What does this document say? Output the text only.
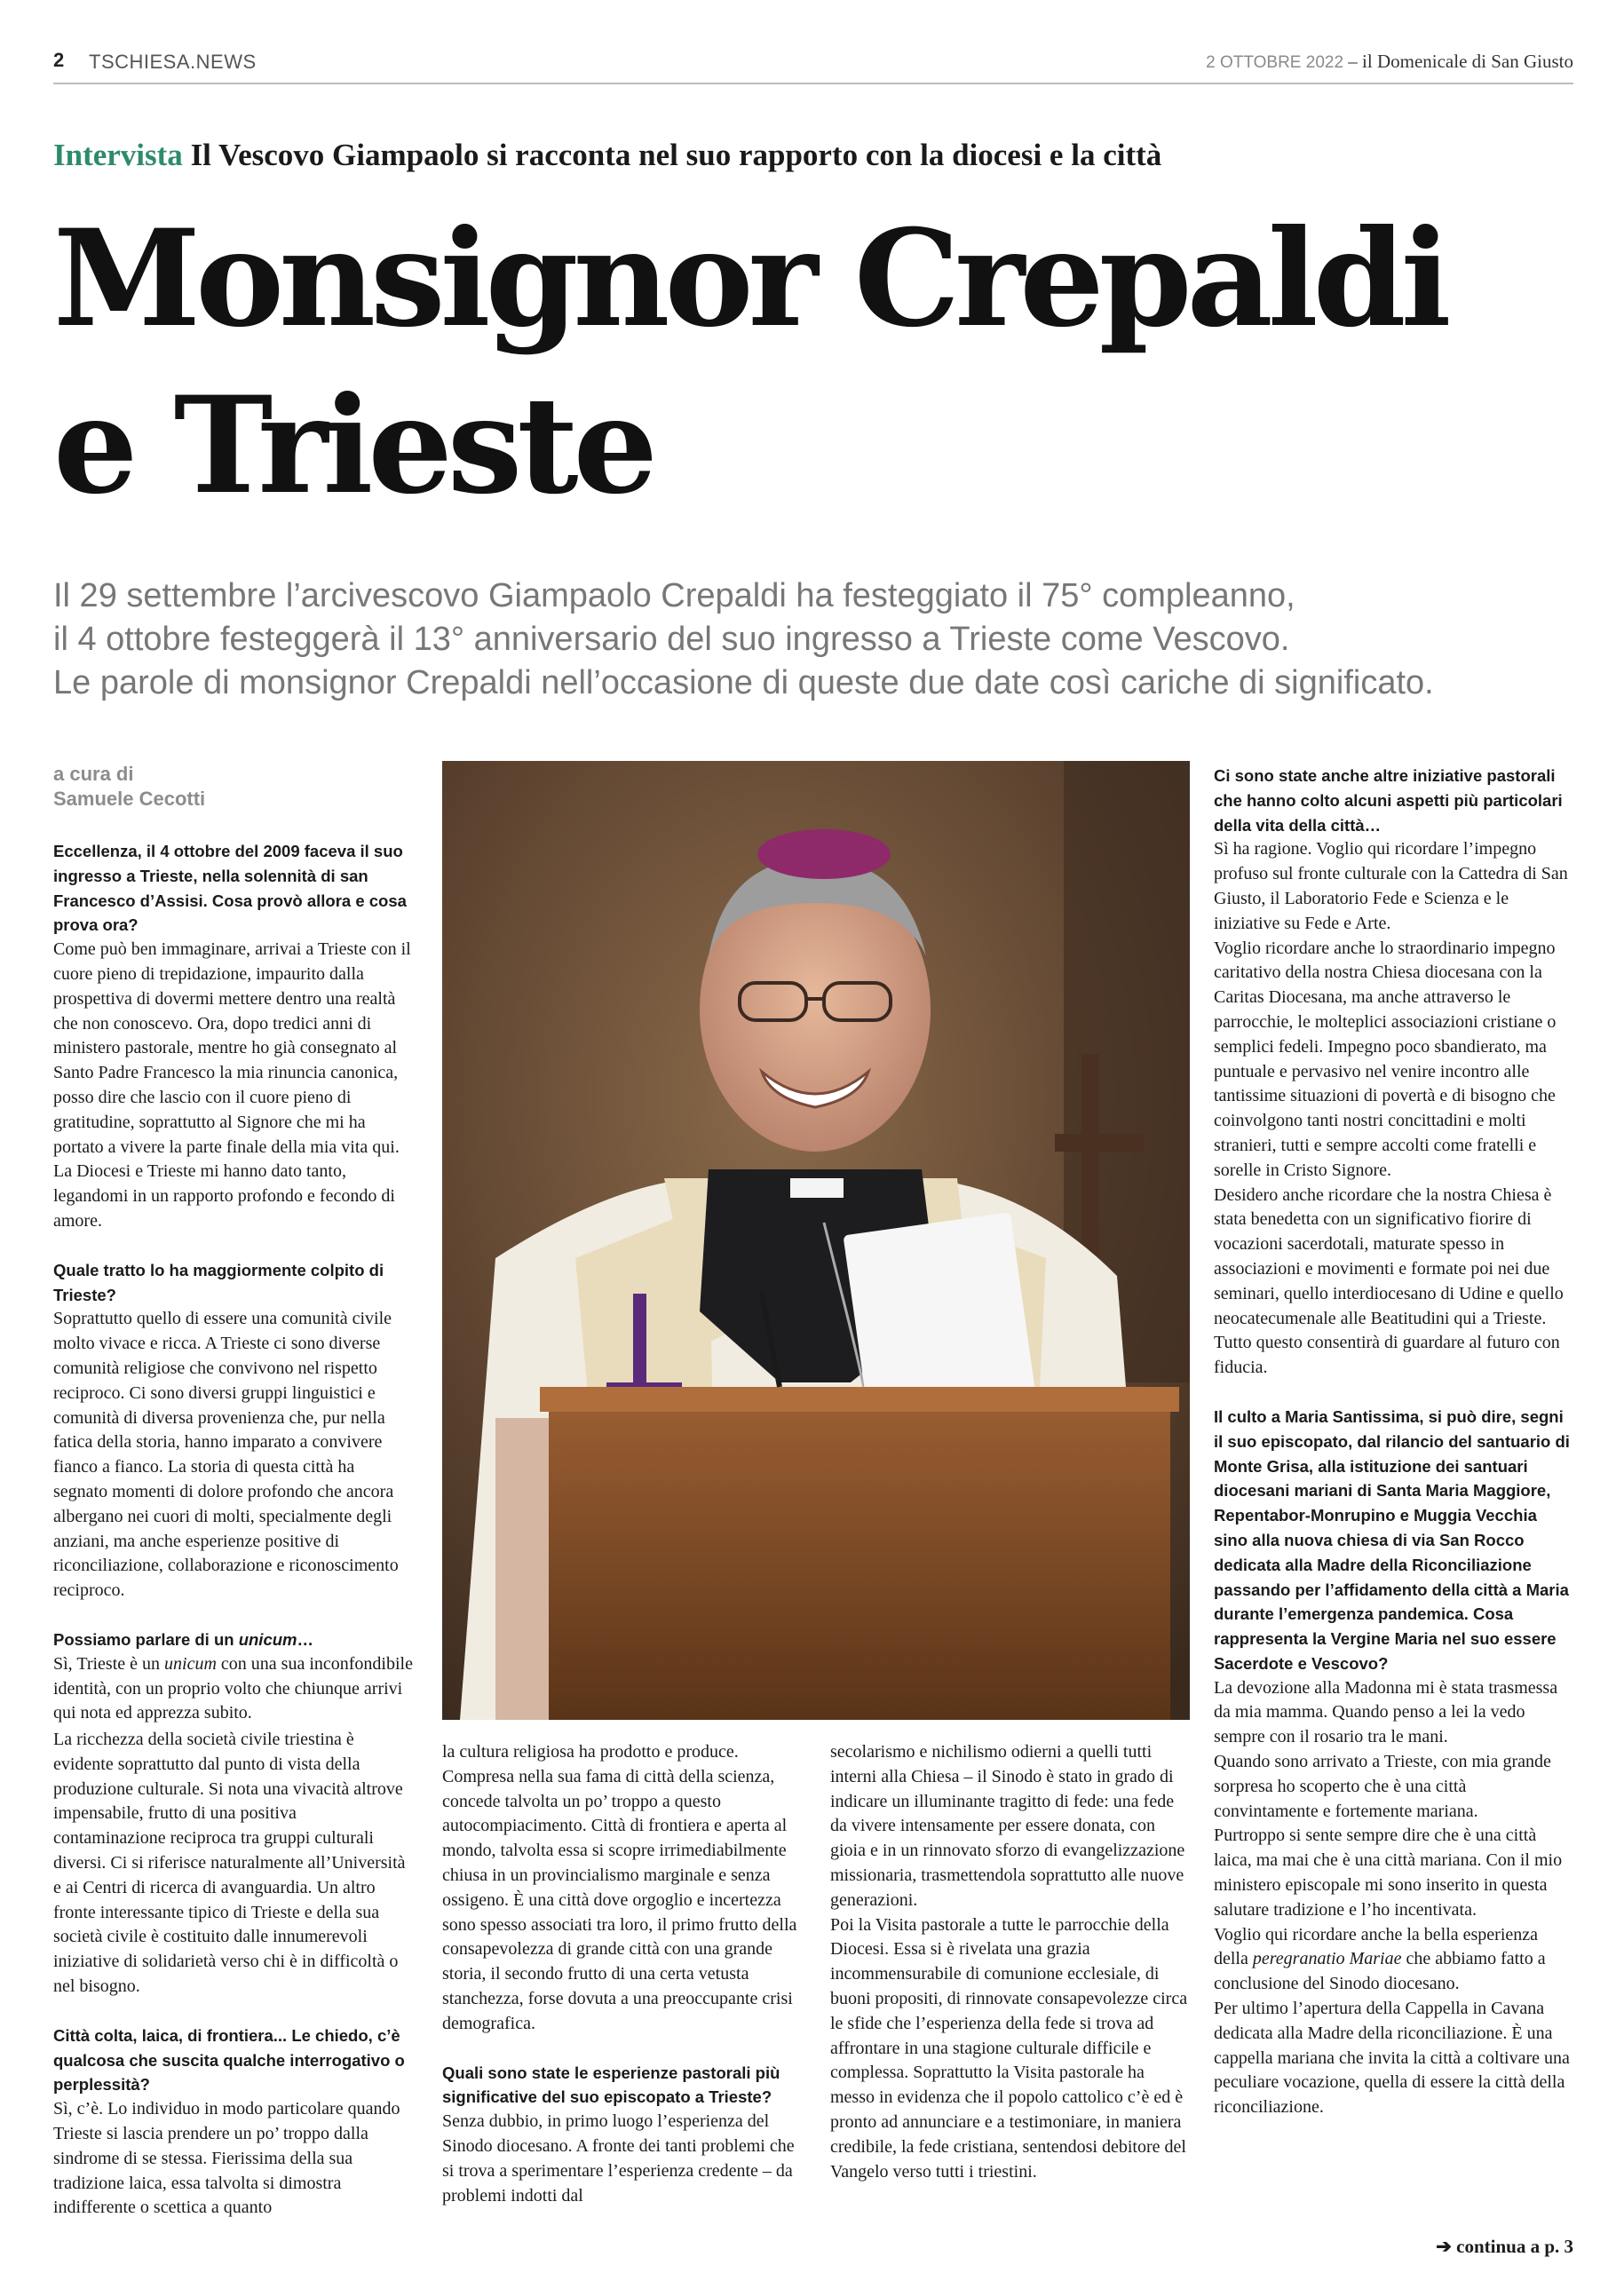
2 TSCHIESA.NEWS	2 OTTOBRE 2022 – il Domenicale di San Giusto
Intervista Il Vescovo Giampaolo si racconta nel suo rapporto con la diocesi e la città
Monsignor Crepaldi
e Trieste
Il 29 settembre l’arcivescovo Giampaolo Crepaldi ha festeggiato il 75° compleanno,
il 4 ottobre festeggerà il 13° anniversario del suo ingresso a Trieste come Vescovo.
Le parole di monsignor Crepaldi nell’occasione di queste due date così cariche di significato.
a cura di
Samuele Cecotti

Eccellenza, il 4 ottobre del 2009 faceva il suo ingresso a Trieste, nella solennità di san Francesco d’Assisi. Cosa provò allora e cosa prova ora?

Come può ben immaginare, arrivai a Trieste con il cuore pieno di trepidazione, impaurito dalla prospettiva di dovermi mettere dentro una realtà che non conoscevo. Ora, dopo tredici anni di ministero pastorale, mentre ho già consegnato al Santo Padre Francesco la mia rinuncia canonica, posso dire che lascio con il cuore pieno di gratitudine, soprattutto al Signore che mi ha portato a vivere la parte finale della mia vita qui. La Diocesi e Trieste mi hanno dato tanto, legandomi in un rapporto profondo e fecondo di amore.

Quale tratto lo ha maggiormente colpito di Trieste?

Soprattutto quello di essere una comunità civile molto vivace e ricca. A Trieste ci sono diverse comunità religiose che convivono nel rispetto reciproco. Ci sono diversi gruppi linguistici e comunità di diversa provenienza che, pur nella fatica della storia, hanno imparato a convivere fianco a fianco. La storia di questa città ha segnato momenti di dolore profondo che ancora albergano nei cuori di molti, specialmente degli anziani, ma anche esperienze positive di riconciliazione, collaborazione e riconoscimento reciproco.

Possiamo parlare di un unicum…

Sì, Trieste è un unicum con una sua inconfondibile identità, con un proprio volto che chiunque arrivi qui nota ed apprezza subito.

La ricchezza della società civile triestina è evidente soprattutto dal punto di vista della produzione culturale. Si nota una vivacità altrove impensabile, frutto di una positiva contaminazione reciproca tra gruppi culturali diversi. Ci si riferisce naturalmente all’Università e ai Centri di ricerca di avanguardia. Un altro fronte interessante tipico di Trieste e della sua società civile è costituito dalle innumerevoli iniziative di solidarietà verso chi è in difficoltà o nel bisogno.

Città colta, laica, di frontiera... Le chiedo, c’è qualcosa che suscita qualche interrogativo o perplessità?

Sì, c’è. Lo individuo in modo particolare quando Trieste si lascia prendere un po’ troppo dalla sindrome di se stessa. Fierissima della sua tradizione laica, essa talvolta si dimostra indifferente o scettica a quanto

la cultura religiosa ha prodotto e produce. Compresa nella sua fama di città della scienza, concede talvolta un po’ troppo a questo autocompiacimento. Città di frontiera e aperta al mondo, talvolta essa si scopre irrimediabilmente chiusa in un provincialismo marginale e senza ossigeno. È una città dove orgoglio e incertezza sono spesso associati tra loro, il primo frutto della consapevolezza di grande città con una grande storia, il secondo frutto di una certa vetusta stanchezza, forse dovuta a una preoccupante crisi demografica.

Quali sono state le esperienze pastorali più significative del suo episcopato a Trieste?

Senza dubbio, in primo luogo l’esperienza del Sinodo diocesano. A fronte dei tanti problemi che si trova a sperimentare l’esperienza credente – da problemi indotti dal

secolarismo e nichilismo odierni a quelli tutti interni alla Chiesa – il Sinodo è stato in grado di indicare un illuminante tragitto di fede: una fede da vivere intensamente per essere donata, con gioia e in un rinnovato sforzo di evangelizzazione missionaria, trasmettendola soprattutto alle nuove generazioni.

Poi la Visita pastorale a tutte le parrocchie della Diocesi. Essa si è rivelata una grazia incommensurabile di comunione ecclesiale, di buoni propositi, di rinnovate consapevolezze circa le sfide che l’esperienza della fede si trova ad affrontare in una stagione culturale difficile e complessa. Soprattutto la Visita pastorale ha messo in evidenza che il popolo cattolico c’è ed è pronto ad annunciare e a testimoniare, in maniera credibile, la fede cristiana, sentendosi debitore del Vangelo verso tutti i triestini.

Ci sono state anche altre iniziative pastorali che hanno colto alcuni aspetti più particolari della vita della città…

Sì ha ragione. Voglio qui ricordare l’impegno profuso sul fronte culturale con la Cattedra di San Giusto, il Laboratorio Fede e Scienza e le iniziative su Fede e Arte.

Voglio ricordare anche lo straordinario impegno caritativo della nostra Chiesa diocesana con la Caritas Diocesana, ma anche attraverso le parrocchie, le molteplici associazioni cristiane o semplici fedeli. Impegno poco sbandierato, ma puntuale e pervasivo nel venire incontro alle tantissime situazioni di povertà e di bisogno che coinvolgono tanti nostri concittadini e molti stranieri, tutti e sempre accolti come fratelli e sorelle in Cristo Signore.

Desidero anche ricordare che la nostra Chiesa è stata benedetta con un significativo fiorire di vocazioni sacerdotali, maturate spesso in associazioni e movimenti e formate poi nei due seminari, quello interdiocesano di Udine e quello neocatecumenale alle Beatitudini qui a Trieste.

Tutto questo consentirà di guardare al futuro con fiducia.

Il culto a Maria Santissima, si può dire, segni il suo episcopato, dal rilancio del santuario di Monte Grisa, alla istituzione dei santuari diocesani mariani di Santa Maria Maggiore, Repentabor-Monrupino e Muggia Vecchia sino alla nuova chiesa di via San Rocco dedicata alla Madre della Riconciliazione passando per l’affidamento della città a Maria durante l’emergenza pandemica. Cosa rappresenta la Vergine Maria nel suo essere Sacerdote e Vescovo?

La devozione alla Madonna mi è stata trasmessa da mia mamma. Quando penso a lei la vedo sempre con il rosario tra le mani.

Quando sono arrivato a Trieste, con mia grande sorpresa ho scoperto che è una città convintamente e fortemente mariana.

Purtroppo si sente sempre dire che è una città laica, ma mai che è una città mariana. Con il mio ministero episcopale mi sono inserito in questa salutare tradizione e l’ho incentivata.

Voglio qui ricordare anche la bella esperienza della peregranatio Mariae che abbiamo fatto a conclusione del Sinodo diocesano.

Per ultimo l’apertura della Cappella in Cavana dedicata alla Madre della riconciliazione. È una cappella mariana che invita la città a coltivare una peculiare vocazione, quella di essere la città della riconciliazione.

➔ continua a p. 3
